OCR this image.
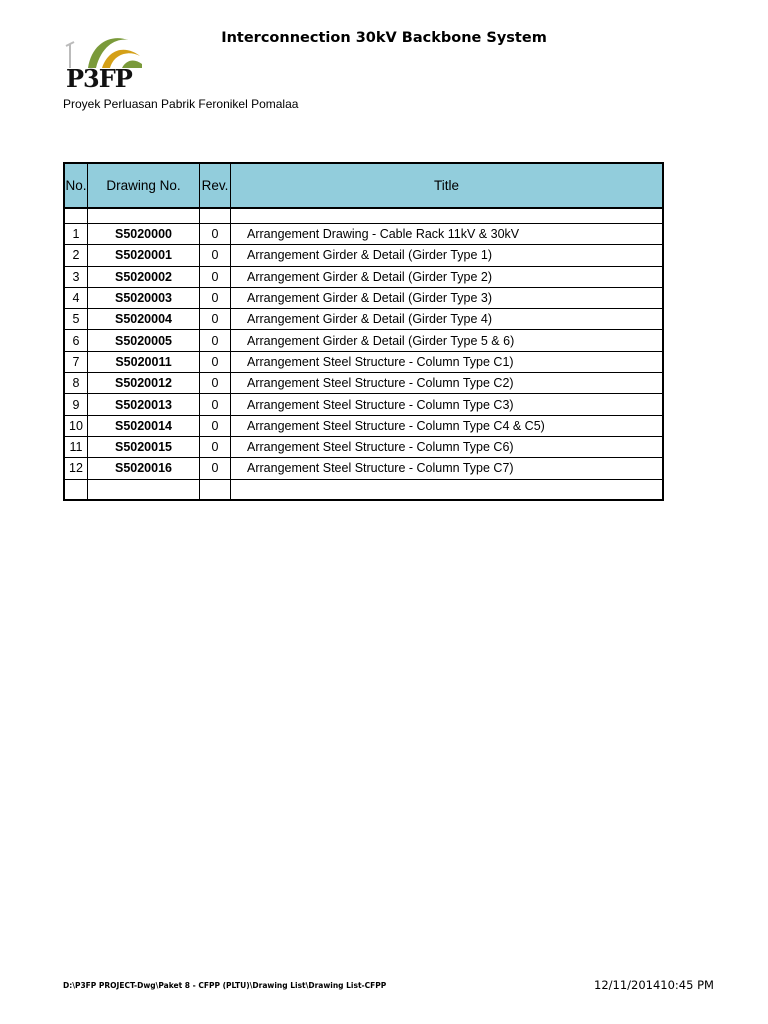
P3FP
Interconnection 30kV Backbone System
Proyek Perluasan Pabrik Feronikel Pomalaa
No.	Drawing No.	Rev.	Title

1	S5020000	0	Arrangement Drawing - Cable Rack 11kV & 30kV
2	S5020001	0	Arrangement Girder & Detail (Girder Type 1)
3	S5020002	0	Arrangement Girder & Detail (Girder Type 2)
4	S5020003	0	Arrangement Girder & Detail (Girder Type 3)
5	S5020004	0	Arrangement Girder & Detail (Girder Type 4)
6	S5020005	0	Arrangement Girder & Detail (Girder Type 5 & 6)
7	S5020011	0	Arrangement Steel Structure - Column Type C1)
8	S5020012	0	Arrangement Steel Structure - Column Type C2)
9	S5020013	0	Arrangement Steel Structure - Column Type C3)
10	S5020014	0	Arrangement Steel Structure - Column Type C4 & C5)
11	S5020015	0	Arrangement Steel Structure - Column Type C6)
12	S5020016	0	Arrangement Steel Structure - Column Type C7)

D:\P3FP PROJECT-Dwg\Paket 8 - CFPP (PLTU)\Drawing List\Drawing List-CFPP	12/11/201410:45 PM
